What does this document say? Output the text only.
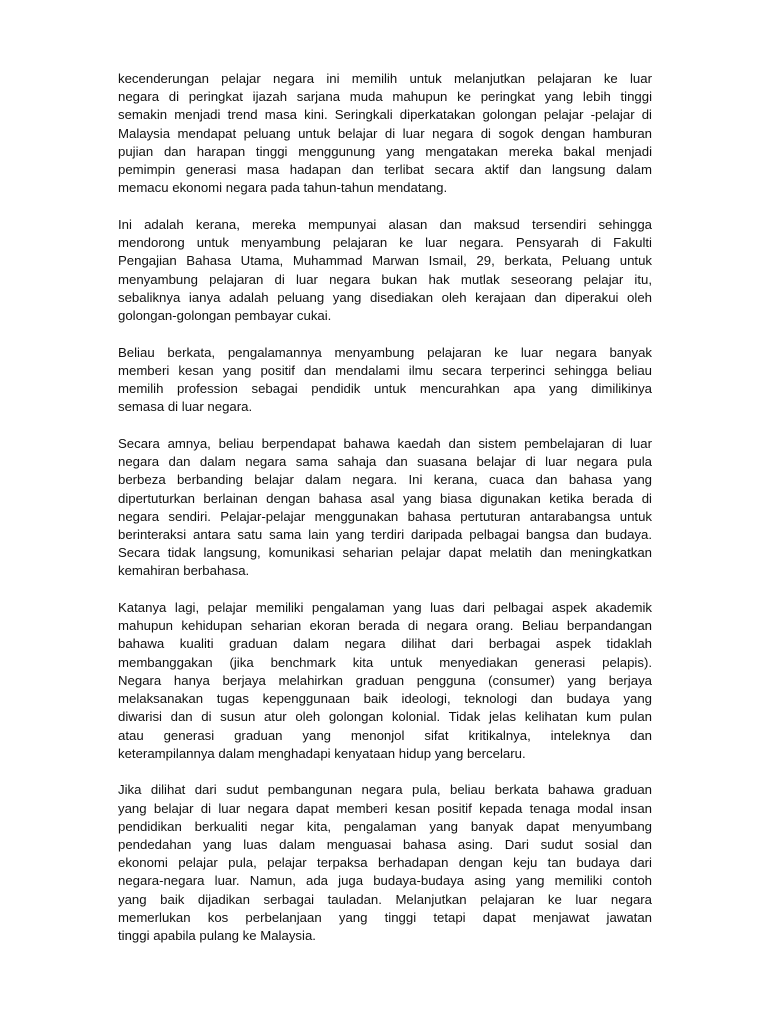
kecenderungan pelajar negara ini memilih untuk melanjutkan pelajaran ke luar
negara di peringkat ijazah sarjana muda mahupun ke peringkat yang lebih tinggi
semakin menjadi trend masa kini. Seringkali diperkatakan golongan pelajar -pelajar di
Malaysia mendapat peluang untuk belajar di luar negara di sogok dengan hamburan
pujian dan harapan tinggi menggunung yang mengatakan mereka bakal menjadi
pemimpin generasi masa hadapan dan terlibat secara aktif dan langsung dalam
memacu ekonomi negara pada tahun-tahun mendatang.

Ini adalah kerana, mereka mempunyai alasan dan maksud tersendiri sehingga
mendorong untuk menyambung pelajaran ke luar negara. Pensyarah di Fakulti
Pengajian Bahasa Utama, Muhammad Marwan Ismail, 29, berkata, Peluang untuk
menyambung pelajaran di luar negara bukan hak mutlak seseorang pelajar itu,
sebaliknya ianya adalah peluang yang disediakan oleh kerajaan dan diperakui oleh
golongan-golongan pembayar cukai.

Beliau berkata, pengalamannya menyambung pelajaran ke luar negara banyak
memberi kesan yang positif dan mendalami ilmu secara terperinci sehingga beliau
memilih profession sebagai pendidik untuk mencurahkan apa yang dimilikinya
semasa di luar negara.

Secara amnya, beliau berpendapat bahawa kaedah dan sistem pembelajaran di luar
negara dan dalam negara sama sahaja dan suasana belajar di luar negara pula
berbeza berbanding belajar dalam negara. Ini kerana, cuaca dan bahasa yang
dipertuturkan berlainan dengan bahasa asal yang biasa digunakan ketika berada di
negara sendiri. Pelajar-pelajar menggunakan bahasa pertuturan antarabangsa untuk
berinteraksi antara satu sama lain yang terdiri daripada pelbagai bangsa dan budaya.
Secara tidak langsung, komunikasi seharian pelajar dapat melatih dan meningkatkan
kemahiran berbahasa.

Katanya lagi, pelajar memiliki pengalaman yang luas dari pelbagai aspek akademik
mahupun kehidupan seharian ekoran berada di negara orang. Beliau berpandangan
bahawa kualiti graduan dalam negara dilihat dari berbagai aspek tidaklah
membanggakan (jika benchmark kita untuk menyediakan generasi pelapis).
Negara hanya berjaya melahirkan graduan pengguna (consumer) yang berjaya
melaksanakan tugas kepenggunaan baik ideologi, teknologi dan budaya yang
diwarisi dan di susun atur oleh golongan kolonial. Tidak jelas kelihatan kum pulan
atau generasi graduan yang menonjol sifat kritikalnya, inteleknya dan
keterampilannya dalam menghadapi kenyataan hidup yang bercelaru.

Jika dilihat dari sudut pembangunan negara pula, beliau berkata bahawa graduan
yang belajar di luar negara dapat memberi kesan positif kepada tenaga modal insan
pendidikan berkualiti negar kita, pengalaman yang banyak dapat menyumbang
pendedahan yang luas dalam menguasai bahasa asing. Dari sudut sosial dan
ekonomi pelajar pula, pelajar terpaksa berhadapan dengan keju tan budaya dari
negara-negara luar. Namun, ada juga budaya-budaya asing yang memiliki contoh
yang baik dijadikan serbagai tauladan. Melanjutkan pelajaran ke luar negara
memerlukan kos perbelanjaan yang tinggi tetapi dapat menjawat jawatan
tinggi apabila pulang ke Malaysia.
